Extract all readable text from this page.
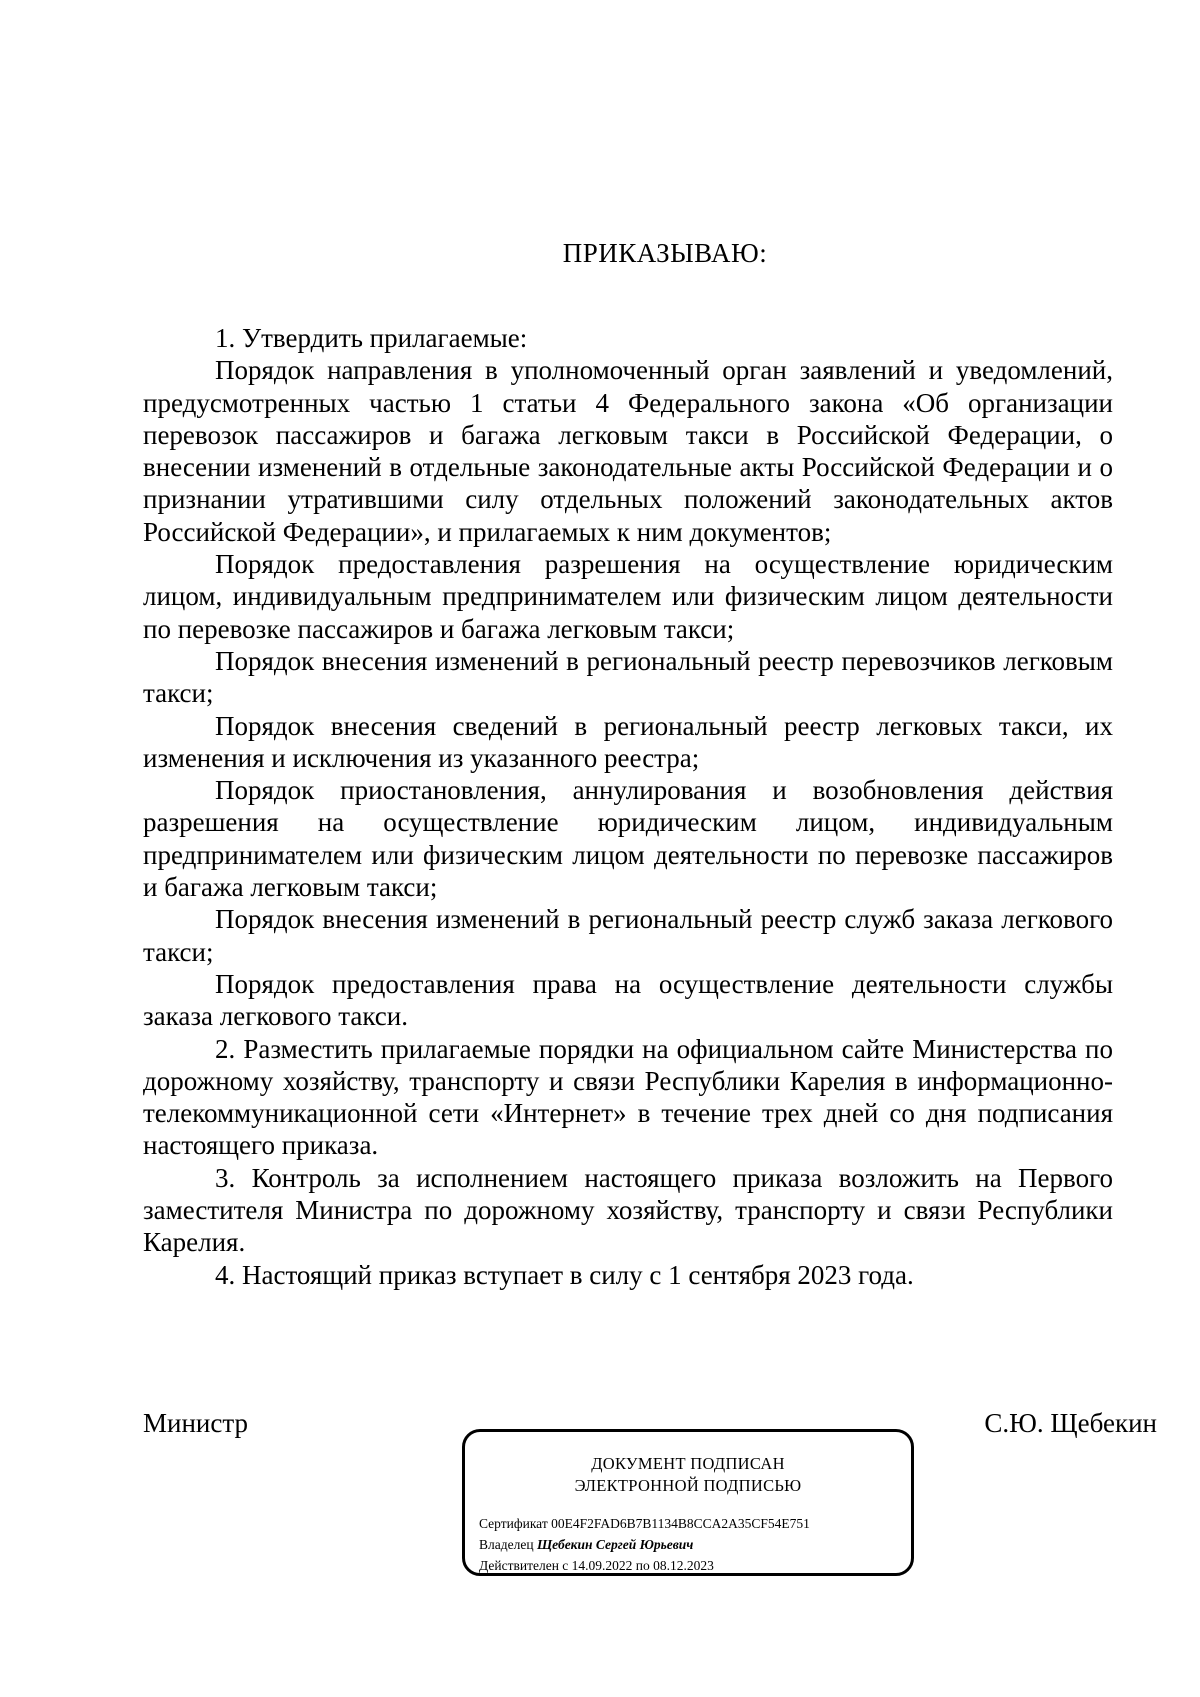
ПРИКАЗЫВАЮ:

1. Утвердить прилагаемые:

Порядок направления в уполномоченный орган заявлений и уведомлений, предусмотренных частью 1 статьи 4 Федерального закона «Об организации перевозок пассажиров и багажа легковым такси в Российской Федерации, о внесении изменений в отдельные законодательные акты Российской Федерации и о признании утратившими силу отдельных положений законодательных актов Российской Федерации», и прилагаемых к ним документов;

Порядок предоставления разрешения на осуществление юридическим лицом, индивидуальным предпринимателем или физическим лицом деятельности по перевозке пассажиров и багажа легковым такси;

Порядок внесения изменений в региональный реестр перевозчиков легковым такси;

Порядок внесения сведений в региональный реестр легковых такси, их изменения и исключения из указанного реестра;

Порядок приостановления, аннулирования и возобновления действия разрешения на осуществление юридическим лицом, индивидуальным предпринимателем или физическим лицом деятельности по перевозке пассажиров и багажа легковым такси;

Порядок внесения изменений в региональный реестр служб заказа легкового такси;

Порядок предоставления права на осуществление деятельности службы заказа легкового такси.

2. Разместить прилагаемые порядки на официальном сайте Министерства по дорожному хозяйству, транспорту и связи Республики Карелия в информационно-телекоммуникационной сети «Интернет» в течение трех дней со дня подписания настоящего приказа.

3. Контроль за исполнением настоящего приказа возложить на Первого заместителя Министра по дорожному хозяйству, транспорту и связи Республики Карелия.

4. Настоящий приказ вступает в силу с 1 сентября 2023 года.

Министр	С.Ю. Щебекин
ДОКУМЕНТ ПОДПИСАН
ЭЛЕКТРОННОЙ ПОДПИСЬЮ
Сертификат 00E4F2FAD6B7B1134B8CCA2A35CF54E751
Владелец Щебекин Сергей Юрьевич
Действителен с 14.09.2022 по 08.12.2023
